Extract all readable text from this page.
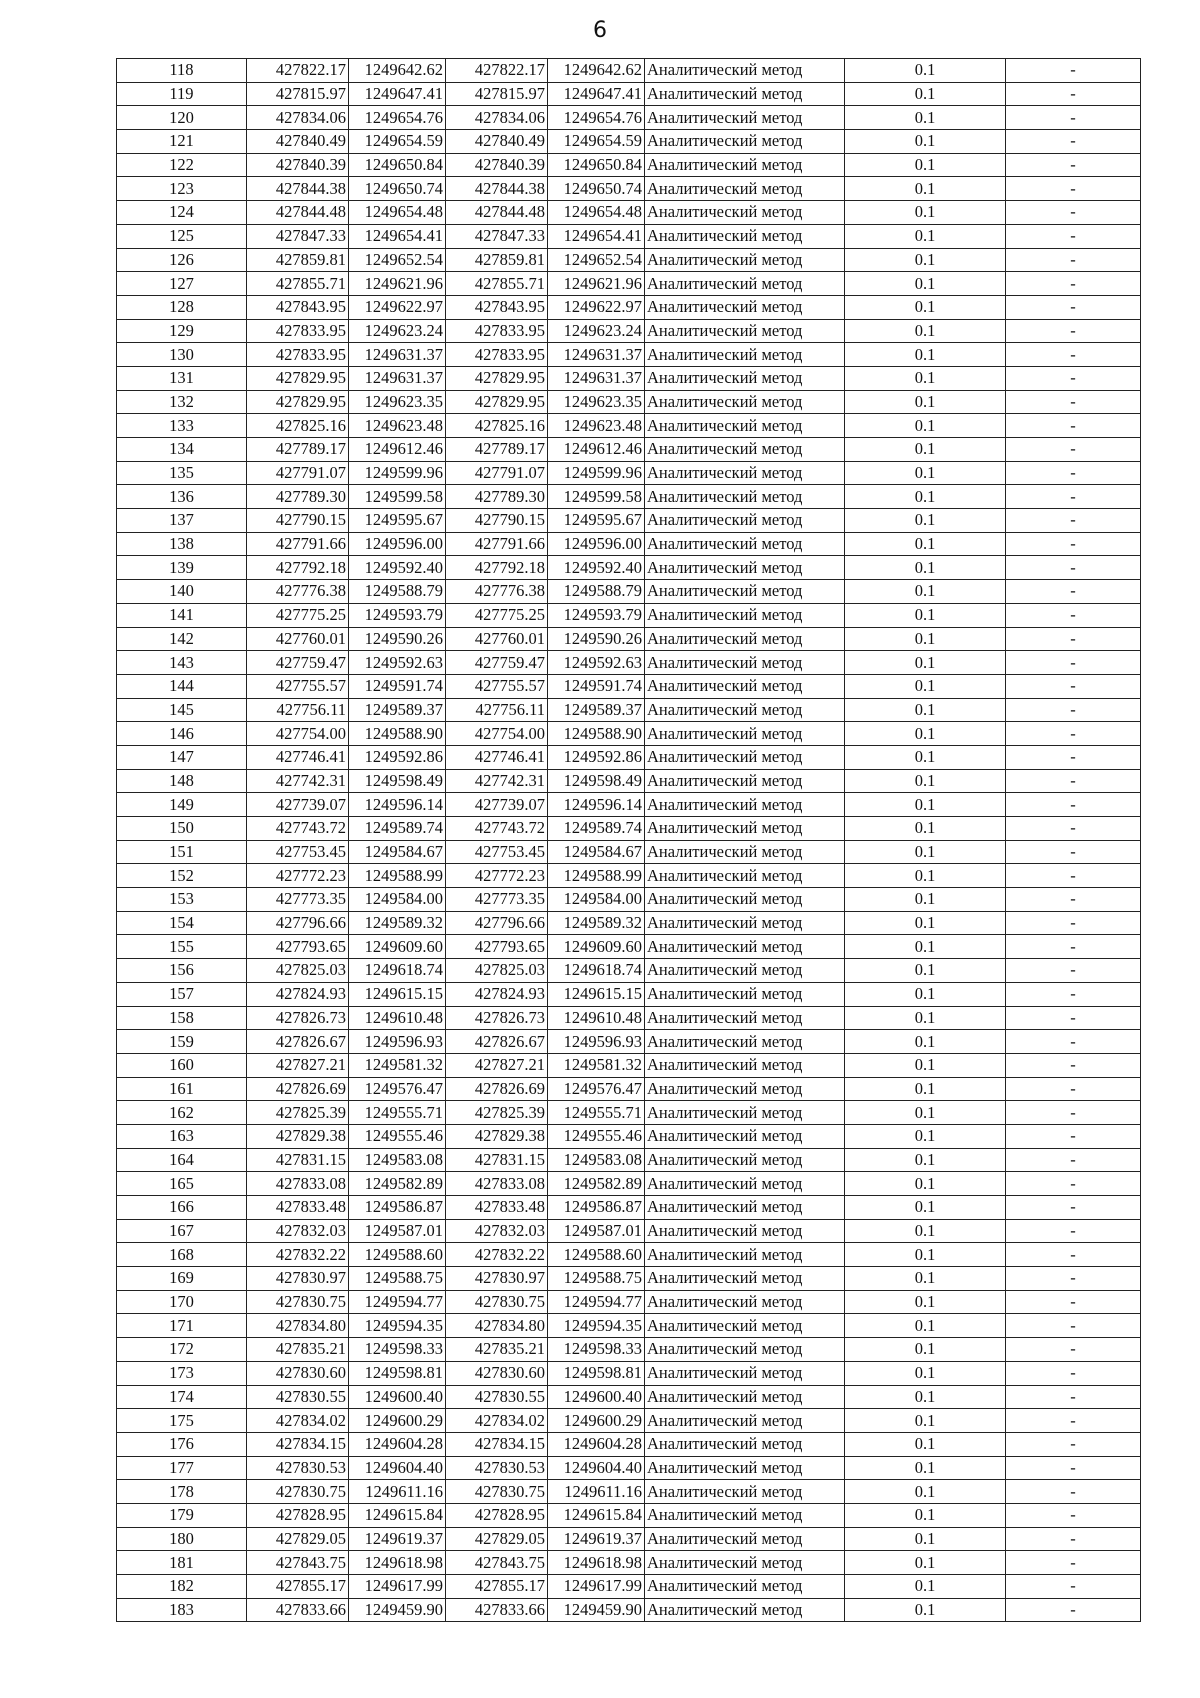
6
118	427822.17	1249642.62	427822.17	1249642.62	Аналитический метод	0.1	-
119	427815.97	1249647.41	427815.97	1249647.41	Аналитический метод	0.1	-
120	427834.06	1249654.76	427834.06	1249654.76	Аналитический метод	0.1	-
121	427840.49	1249654.59	427840.49	1249654.59	Аналитический метод	0.1	-
122	427840.39	1249650.84	427840.39	1249650.84	Аналитический метод	0.1	-
123	427844.38	1249650.74	427844.38	1249650.74	Аналитический метод	0.1	-
124	427844.48	1249654.48	427844.48	1249654.48	Аналитический метод	0.1	-
125	427847.33	1249654.41	427847.33	1249654.41	Аналитический метод	0.1	-
126	427859.81	1249652.54	427859.81	1249652.54	Аналитический метод	0.1	-
127	427855.71	1249621.96	427855.71	1249621.96	Аналитический метод	0.1	-
128	427843.95	1249622.97	427843.95	1249622.97	Аналитический метод	0.1	-
129	427833.95	1249623.24	427833.95	1249623.24	Аналитический метод	0.1	-
130	427833.95	1249631.37	427833.95	1249631.37	Аналитический метод	0.1	-
131	427829.95	1249631.37	427829.95	1249631.37	Аналитический метод	0.1	-
132	427829.95	1249623.35	427829.95	1249623.35	Аналитический метод	0.1	-
133	427825.16	1249623.48	427825.16	1249623.48	Аналитический метод	0.1	-
134	427789.17	1249612.46	427789.17	1249612.46	Аналитический метод	0.1	-
135	427791.07	1249599.96	427791.07	1249599.96	Аналитический метод	0.1	-
136	427789.30	1249599.58	427789.30	1249599.58	Аналитический метод	0.1	-
137	427790.15	1249595.67	427790.15	1249595.67	Аналитический метод	0.1	-
138	427791.66	1249596.00	427791.66	1249596.00	Аналитический метод	0.1	-
139	427792.18	1249592.40	427792.18	1249592.40	Аналитический метод	0.1	-
140	427776.38	1249588.79	427776.38	1249588.79	Аналитический метод	0.1	-
141	427775.25	1249593.79	427775.25	1249593.79	Аналитический метод	0.1	-
142	427760.01	1249590.26	427760.01	1249590.26	Аналитический метод	0.1	-
143	427759.47	1249592.63	427759.47	1249592.63	Аналитический метод	0.1	-
144	427755.57	1249591.74	427755.57	1249591.74	Аналитический метод	0.1	-
145	427756.11	1249589.37	427756.11	1249589.37	Аналитический метод	0.1	-
146	427754.00	1249588.90	427754.00	1249588.90	Аналитический метод	0.1	-
147	427746.41	1249592.86	427746.41	1249592.86	Аналитический метод	0.1	-
148	427742.31	1249598.49	427742.31	1249598.49	Аналитический метод	0.1	-
149	427739.07	1249596.14	427739.07	1249596.14	Аналитический метод	0.1	-
150	427743.72	1249589.74	427743.72	1249589.74	Аналитический метод	0.1	-
151	427753.45	1249584.67	427753.45	1249584.67	Аналитический метод	0.1	-
152	427772.23	1249588.99	427772.23	1249588.99	Аналитический метод	0.1	-
153	427773.35	1249584.00	427773.35	1249584.00	Аналитический метод	0.1	-
154	427796.66	1249589.32	427796.66	1249589.32	Аналитический метод	0.1	-
155	427793.65	1249609.60	427793.65	1249609.60	Аналитический метод	0.1	-
156	427825.03	1249618.74	427825.03	1249618.74	Аналитический метод	0.1	-
157	427824.93	1249615.15	427824.93	1249615.15	Аналитический метод	0.1	-
158	427826.73	1249610.48	427826.73	1249610.48	Аналитический метод	0.1	-
159	427826.67	1249596.93	427826.67	1249596.93	Аналитический метод	0.1	-
160	427827.21	1249581.32	427827.21	1249581.32	Аналитический метод	0.1	-
161	427826.69	1249576.47	427826.69	1249576.47	Аналитический метод	0.1	-
162	427825.39	1249555.71	427825.39	1249555.71	Аналитический метод	0.1	-
163	427829.38	1249555.46	427829.38	1249555.46	Аналитический метод	0.1	-
164	427831.15	1249583.08	427831.15	1249583.08	Аналитический метод	0.1	-
165	427833.08	1249582.89	427833.08	1249582.89	Аналитический метод	0.1	-
166	427833.48	1249586.87	427833.48	1249586.87	Аналитический метод	0.1	-
167	427832.03	1249587.01	427832.03	1249587.01	Аналитический метод	0.1	-
168	427832.22	1249588.60	427832.22	1249588.60	Аналитический метод	0.1	-
169	427830.97	1249588.75	427830.97	1249588.75	Аналитический метод	0.1	-
170	427830.75	1249594.77	427830.75	1249594.77	Аналитический метод	0.1	-
171	427834.80	1249594.35	427834.80	1249594.35	Аналитический метод	0.1	-
172	427835.21	1249598.33	427835.21	1249598.33	Аналитический метод	0.1	-
173	427830.60	1249598.81	427830.60	1249598.81	Аналитический метод	0.1	-
174	427830.55	1249600.40	427830.55	1249600.40	Аналитический метод	0.1	-
175	427834.02	1249600.29	427834.02	1249600.29	Аналитический метод	0.1	-
176	427834.15	1249604.28	427834.15	1249604.28	Аналитический метод	0.1	-
177	427830.53	1249604.40	427830.53	1249604.40	Аналитический метод	0.1	-
178	427830.75	1249611.16	427830.75	1249611.16	Аналитический метод	0.1	-
179	427828.95	1249615.84	427828.95	1249615.84	Аналитический метод	0.1	-
180	427829.05	1249619.37	427829.05	1249619.37	Аналитический метод	0.1	-
181	427843.75	1249618.98	427843.75	1249618.98	Аналитический метод	0.1	-
182	427855.17	1249617.99	427855.17	1249617.99	Аналитический метод	0.1	-
183	427833.66	1249459.90	427833.66	1249459.90	Аналитический метод	0.1	-
